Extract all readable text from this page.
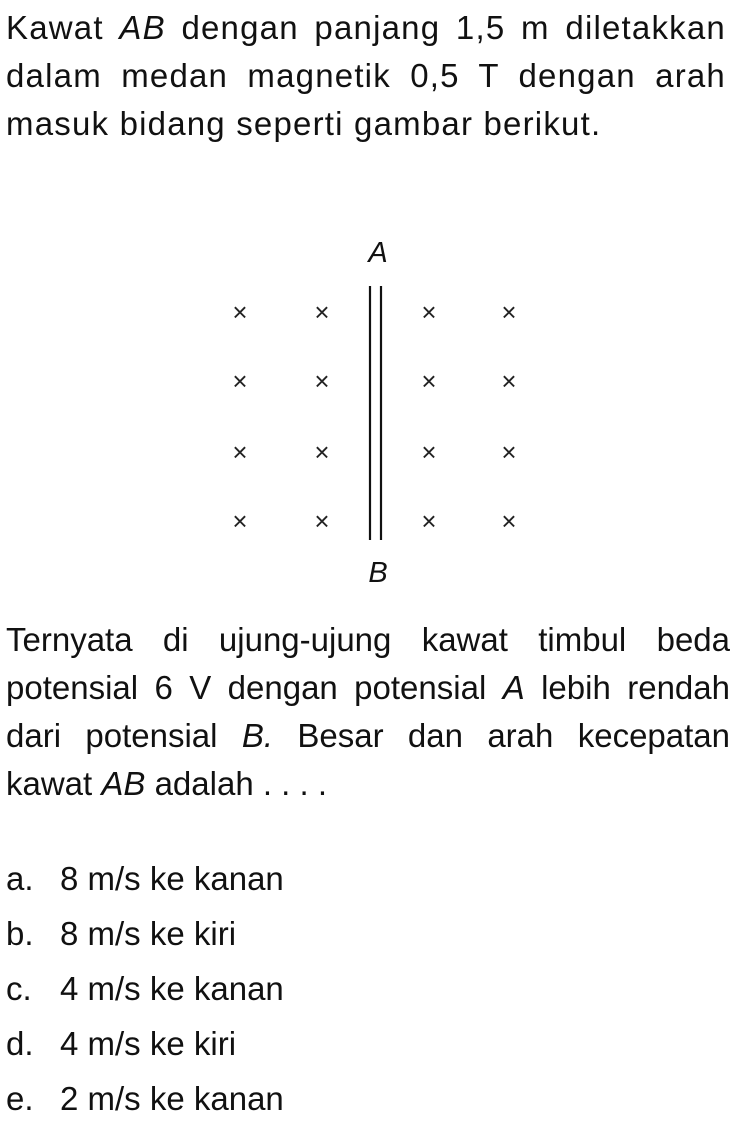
Kawat AB dengan panjang 1,5 m diletakkan dalam medan magnetik 0,5 T dengan arah masuk bidang seperti gambar berikut.

A
×	×	× ×
×	×	× ×
×	×	× ×
×	×	× ×
B

Ternyata di ujung-ujung kawat timbul beda potensial 6 V dengan potensial A lebih rendah dari potensial B. Besar dan arah kecepatan kawat AB adalah . . . .

a. 8 m/s ke kanan
b. 8 m/s ke kiri
c. 4 m/s ke kanan
d. 4 m/s ke kiri
e. 2 m/s ke kanan
